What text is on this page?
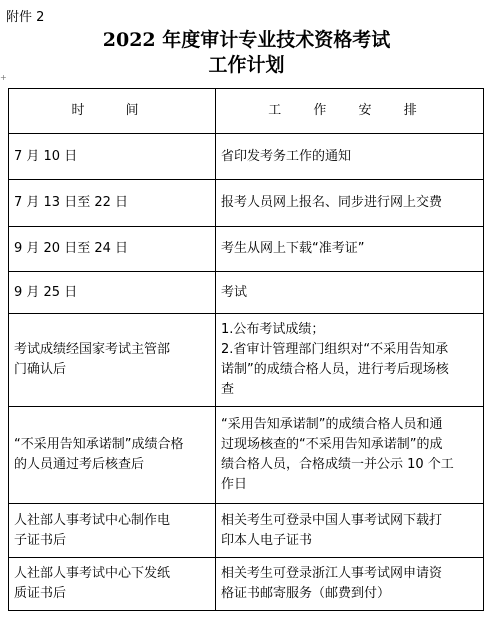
附件 2
2022 年度审计专业技术资格考试
工作计划
+
时　间	工 作 安 排

7 月 10 日	省印发考务工作的通知

7 月 13 日至 22 日	报考人员网上报名、同步进行网上交费

9 月 20 日至 24 日	考生从网上下载“准考证”

9 月 25 日	考试

考试成绩经国家考试主管部
门确认后	1.公布考试成绩；
2.省审计管理部门组织对“不采用告知承
诺制”的成绩合格人员，进行考后现场核
查

“不采用告知承诺制”成绩合格
的人员通过考后核查后	“采用告知承诺制”的成绩合格人员和通
过现场核查的“不采用告知承诺制”的成
绩合格人员，合格成绩一并公示 10 个工
作日

人社部人事考试中心制作电
子证书后	相关考生可登录中国人事考试网下载打
印本人电子证书

人社部人事考试中心下发纸
质证书后	相关考生可登录浙江人事考试网申请资
格证书邮寄服务（邮费到付）
